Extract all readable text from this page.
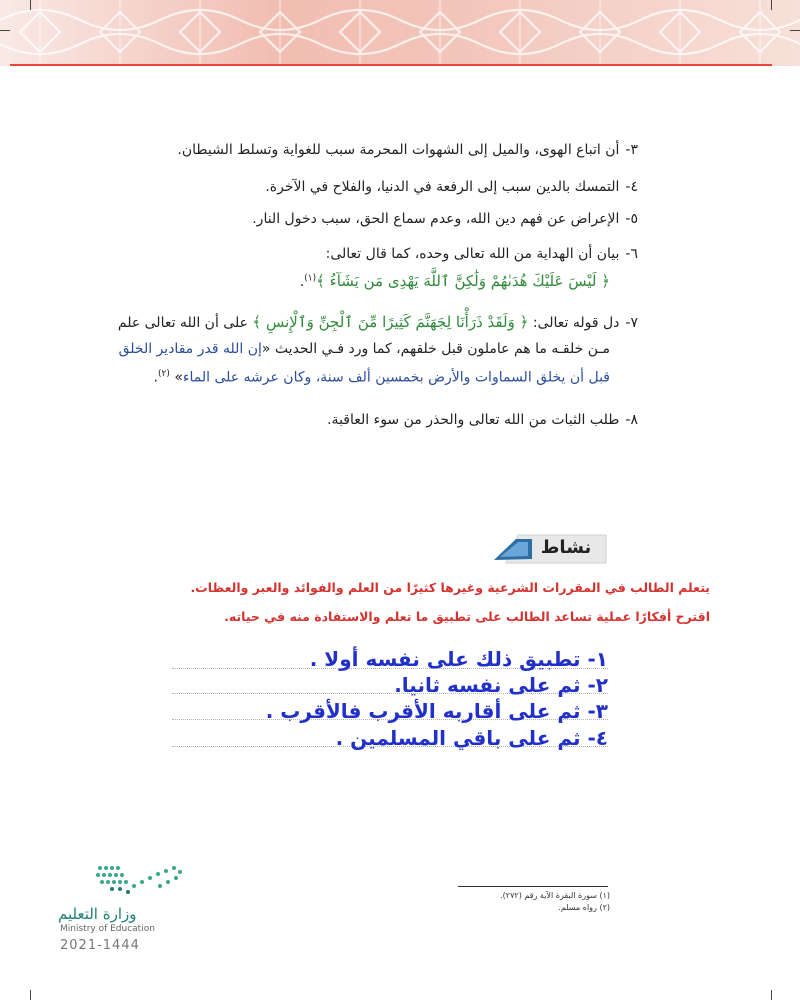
٣-أن اتباع الهوى، والميل إلى الشهوات المحرمة سبب للغواية وتسلط الشيطان.
٤-التمسك بالدين سبب إلى الرفعة في الدنيا، والفلاح في الآخرة.
٥-الإعراض عن فهم دين الله، وعدم سماع الحق، سبب دخول النار.
٦-بيان أن الهداية من الله تعالى وحده، كما قال تعالى:
﴿ لَيْسَ عَلَيْكَ هُدَىٰهُمْ وَلَٰكِنَّ ٱللَّهَ يَهْدِى مَن يَشَآءُ ﴾$^{(١)}$.
٧-دل قوله تعالى: ﴿ وَلَقَدْ ذَرَأْنَا لِجَهَنَّمَ كَثِيرًا مِّنَ ٱلْجِنِّ وَٱلْإِنسِ ﴾ على أن الله تعالى علم
مـن خلقـه ما هم عاملون قبل خلقهم، كما ورد فـي الحديث «إن الله قدر مقادير الخلق
قبل أن يخلق السماوات والأرض بخمسين ألف سنة، وكان عرشه على الماء» $^{(٢)}$.
٨-طلب الثبات من الله تعالى والحذر من سوء العاقبة.
نشاط
يتعلم الطالب في المقررات الشرعية وغيرها كثيرًا من العلم والفوائد والعبر والعظات.
اقترح أفكارًا عملية تساعد الطالب على تطبيق ما تعلم والاستفادة منه في حياته.
١- تطبيق ذلك على نفسه أولا .
٢- ثم على نفسه ثانيا.
٣- ثم على أقاربه الأقرب فالأقرب .
٤- ثم على باقي المسلمين .
(١) سورة البقرة الآية رقم (٢٧٢).
(٢) رواه مسلم.
وزارة التعليم
Ministry of Education
2021-1444
